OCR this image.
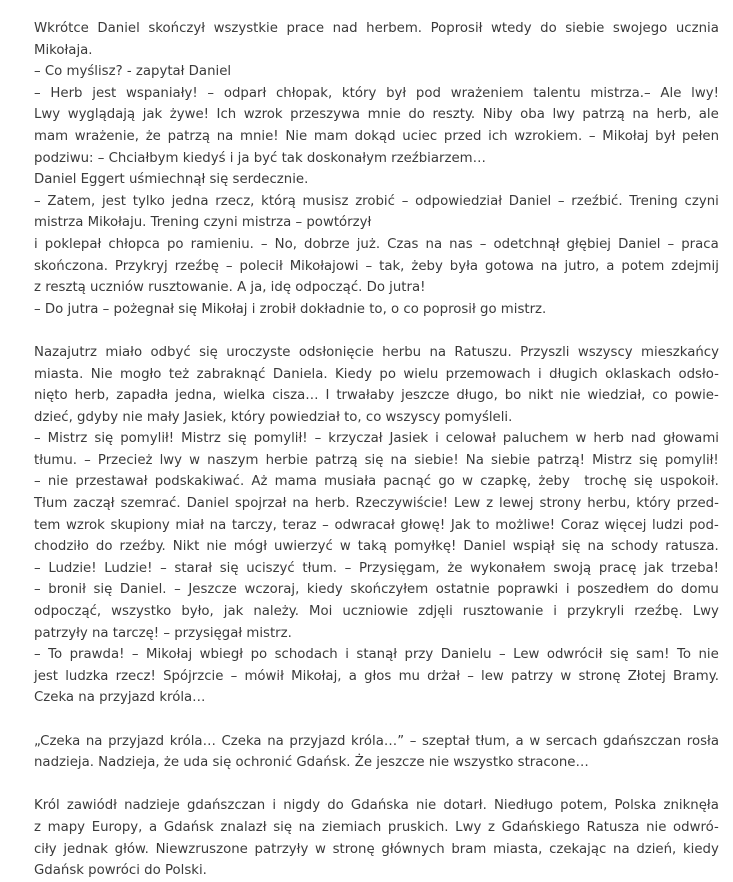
Wkrótce Daniel skończył wszystkie prace nad herbem. Poprosił wtedy do siebie swojego ucznia
Mikołaja.
– Co myślisz? - zapytał Daniel
– Herb jest wspaniały! – odparł chłopak, który był pod wrażeniem talentu mistrza.– Ale lwy!
Lwy wyglądają jak żywe! Ich wzrok przeszywa mnie do reszty. Niby oba lwy patrzą na herb, ale
mam wrażenie, że patrzą na mnie! Nie mam dokąd uciec przed ich wzrokiem. – Mikołaj był pełen
podziwu: – Chciałbym kiedyś i ja być tak doskonałym rzeźbiarzem…
Daniel Eggert uśmiechnął się serdecznie.
– Zatem, jest tylko jedna rzecz, którą musisz zrobić – odpowiedział Daniel – rzeźbić. Trening czyni
mistrza Mikołaju. Trening czyni mistrza – powtórzył
i poklepał chłopca po ramieniu. – No, dobrze już. Czas na nas – odetchnął głębiej Daniel – praca
skończona. Przykryj rzeźbę – polecił Mikołajowi – tak, żeby była gotowa na jutro, a potem zdejmij
z resztą uczniów rusztowanie. A ja, idę odpocząć. Do jutra!
– Do jutra – pożegnał się Mikołaj i zrobił dokładnie to, o co poprosił go mistrz.
Nazajutrz miało odbyć się uroczyste odsłonięcie herbu na Ratuszu. Przyszli wszyscy mieszkańcy
miasta. Nie mogło też zabraknąć Daniela. Kiedy po wielu przemowach i długich oklaskach odsło-
nięto herb, zapadła jedna, wielka cisza… I trwałaby jeszcze długo, bo nikt nie wiedział, co powie-
dzieć, gdyby nie mały Jasiek, który powiedział to, co wszyscy pomyśleli.
– Mistrz się pomylił! Mistrz się pomylił! – krzyczał Jasiek i celował paluchem w herb nad głowami
tłumu. – Przecież lwy w naszym herbie patrzą się na siebie! Na siebie patrzą! Mistrz się pomylił!
– nie przestawał podskakiwać. Aż mama musiała pacnąć go w czapkę, żeby trochę się uspokoił.
Tłum zaczął szemrać. Daniel spojrzał na herb. Rzeczywiście! Lew z lewej strony herbu, który przed-
tem wzrok skupiony miał na tarczy, teraz – odwracał głowę! Jak to możliwe! Coraz więcej ludzi pod-
chodziło do rzeźby. Nikt nie mógł uwierzyć w taką pomyłkę! Daniel wspiął się na schody ratusza.
– Ludzie! Ludzie! – starał się uciszyć tłum. – Przysięgam, że wykonałem swoją pracę jak trzeba!
– bronił się Daniel. – Jeszcze wczoraj, kiedy skończyłem ostatnie poprawki i poszedłem do domu
odpocząć, wszystko było, jak należy. Moi uczniowie zdjęli rusztowanie i przykryli rzeźbę. Lwy
patrzyły na tarczę! – przysięgał mistrz.
– To prawda! – Mikołaj wbiegł po schodach i stanął przy Danielu – Lew odwrócił się sam! To nie
jest ludzka rzecz! Spójrzcie – mówił Mikołaj, a głos mu drżał – lew patrzy w stronę Złotej Bramy.
Czeka na przyjazd króla…
„Czeka na przyjazd króla… Czeka na przyjazd króla…” – szeptał tłum, a w sercach gdańszczan rosła
nadzieja. Nadzieja, że uda się ochronić Gdańsk. Że jeszcze nie wszystko stracone…
Król zawiódł nadzieje gdańszczan i nigdy do Gdańska nie dotarł. Niedługo potem, Polska zniknęła
z mapy Europy, a Gdańsk znalazł się na ziemiach pruskich. Lwy z Gdańskiego Ratusza nie odwró-
ciły jednak głów. Niewzruszone patrzyły w stronę głównych bram miasta, czekając na dzień, kiedy
Gdańsk powróci do Polski.
